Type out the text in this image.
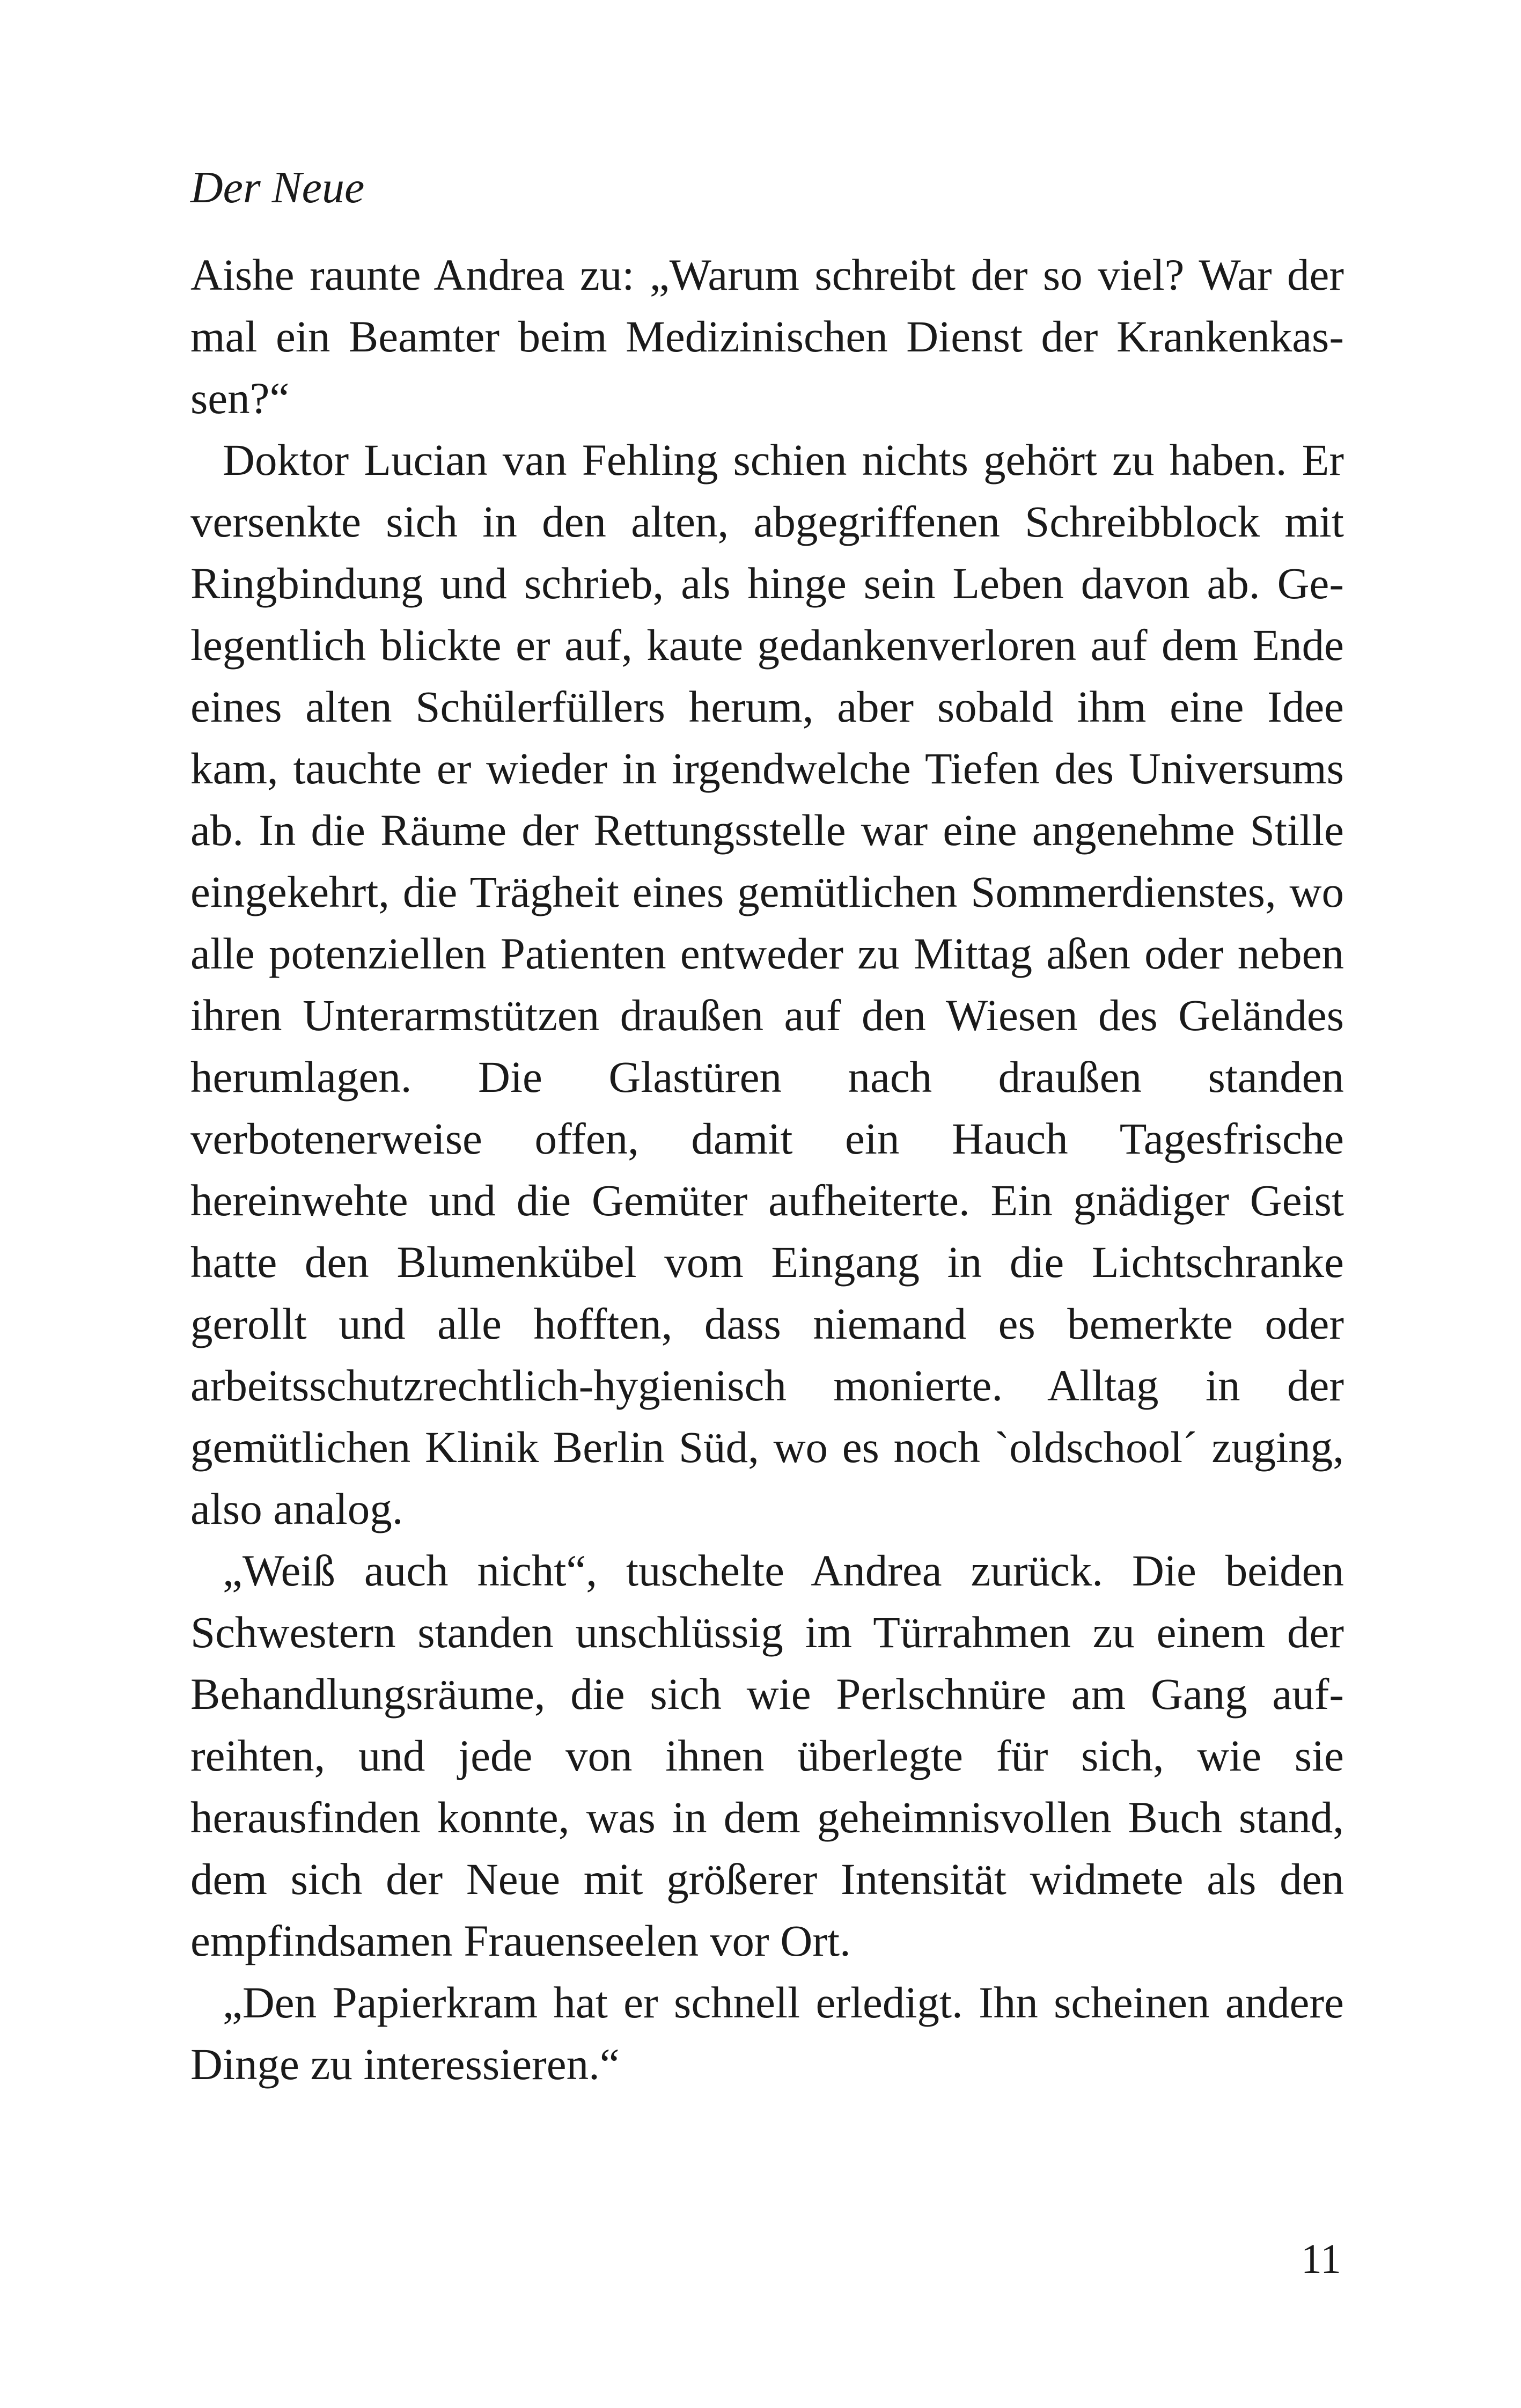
Der Neue

Aishe raunte Andrea zu: „Warum schreibt der so viel? War der mal ein Beamter beim Medizinischen Dienst der Krankenkassen?“

Doktor Lucian van Fehling schien nichts gehört zu haben. Er versenkte sich in den alten, abgegriffenen Schreibblock mit Ringbindung und schrieb, als hinge sein Leben davon ab. Gelegentlich blickte er auf, kaute gedankenverloren auf dem Ende eines alten Schülerfüllers herum, aber sobald ihm eine Idee kam, tauchte er wieder in irgendwelche Tiefen des Universums ab. In die Räume der Rettungsstelle war eine angenehme Stille eingekehrt, die Trägheit eines gemütlichen Sommerdienstes, wo alle potenziellen Patienten entweder zu Mittag aßen oder neben ihren Unterarmstützen draußen auf den Wiesen des Geländes herumlagen. Die Glastüren nach draußen standen verbotenerweise offen, damit ein Hauch Tagesfrische hereinwehte und die Gemüter aufheiterte. Ein gnädiger Geist hatte den Blumenkübel vom Eingang in die Lichtschranke gerollt und alle hofften, dass niemand es bemerkte oder arbeitsschutzrechtlich-hygienisch monierte. Alltag in der gemütlichen Klinik Berlin Süd, wo es noch `oldschool´ zuging, also analog.

„Weiß auch nicht“, tuschelte Andrea zurück. Die beiden Schwestern standen unschlüssig im Türrahmen zu einem der Behandlungsräume, die sich wie Perlschnüre am Gang aufreihten, und jede von ihnen überlegte für sich, wie sie herausfinden konnte, was in dem geheimnisvollen Buch stand, dem sich der Neue mit größerer Intensität widmete als den empfindsamen Frauenseelen vor Ort.

„Den Papierkram hat er schnell erledigt. Ihn scheinen andere Dinge zu interessieren.“

11
